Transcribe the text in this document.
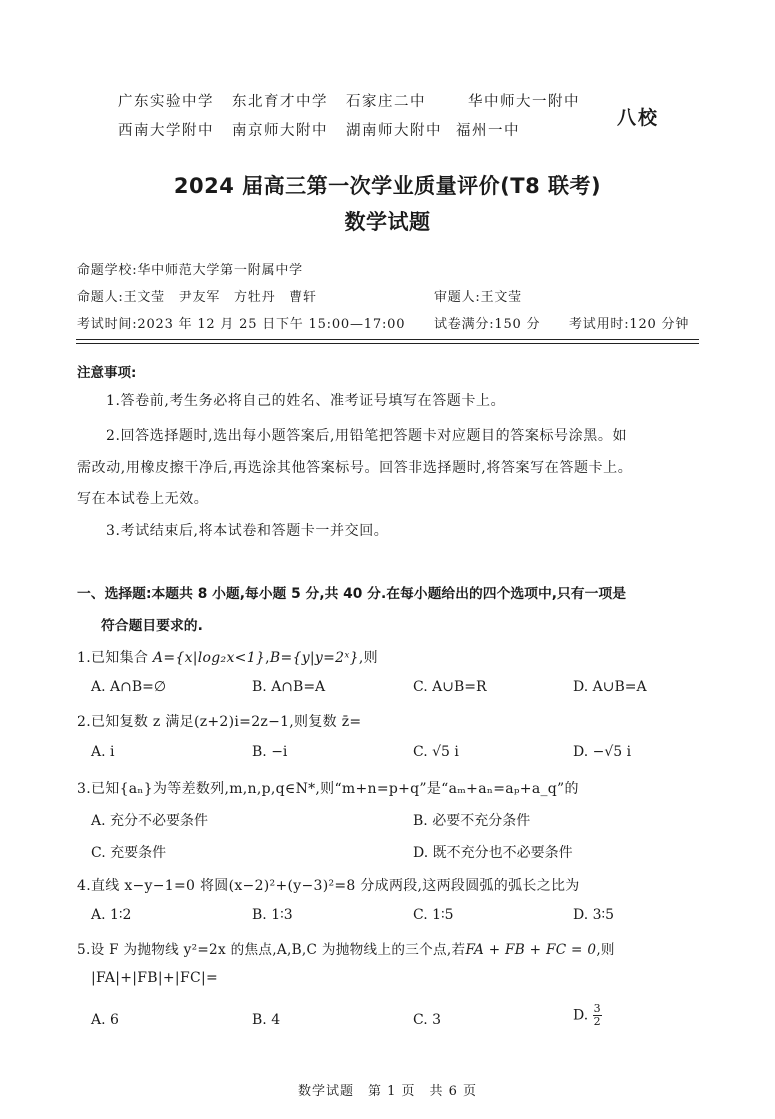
广东实验中学 东北育才中学 石家庄二中	华中师大一附中
西南大学附中 南京师大附中 湖南师大附中 福州一中
八校
2024 届高三第一次学业质量评价(T8 联考)
数学试题
命题学校:华中师范大学第一附属中学
命题人:王文莹　尹友军　方牡丹　曹轩	审题人:王文莹
考试时间:2023 年 12 月 25 日下午 15:00—17:00 试卷满分:150 分 考试用时:120 分钟
注意事项:
1.答卷前,考生务必将自己的姓名、准考证号填写在答题卡上。
2.回答选择题时,选出每小题答案后,用铅笔把答题卡对应题目的答案标号涂黑。如
需改动,用橡皮擦干净后,再选涂其他答案标号。回答非选择题时,将答案写在答题卡上。
写在本试卷上无效。
3.考试结束后,将本试卷和答题卡一并交回。
一、选择题:本题共 8 小题,每小题 5 分,共 40 分.在每小题给出的四个选项中,只有一项是
符合题目要求的.
1.已知集合 A={x|log₂x<1},B={y|y=2ˣ},则
A. A∩B=∅	B. A∩B=A	C. A∪B=R	D. A∪B=A
2.已知复数 z 满足(z+2)i=2z−1,则复数 z̄=
A. i	B. −i	C. √5 i	D. −√5 i
3.已知{aₙ}为等差数列,m,n,p,q∈N*,则“m+n=p+q”是“aₘ+aₙ=aₚ+a_q”的
A. 充分不必要条件	B. 必要不充分条件
C. 充要条件	D. 既不充分也不必要条件
4.直线 x−y−1=0 将圆(x−2)²+(y−3)²=8 分成两段,这两段圆弧的弧长之比为
A. 1∶2	B. 1∶3	C. 1∶5	D. 3∶5
5.设 F 为抛物线 y²=2x 的焦点,A,B,C 为抛物线上的三个点,若FA + FB + FC = 0,则
|FA|+|FB|+|FC|=
A. 6	B. 4	C. 3	D. $\frac{3}{2}$
数学试题　第 1 页　共 6 页
